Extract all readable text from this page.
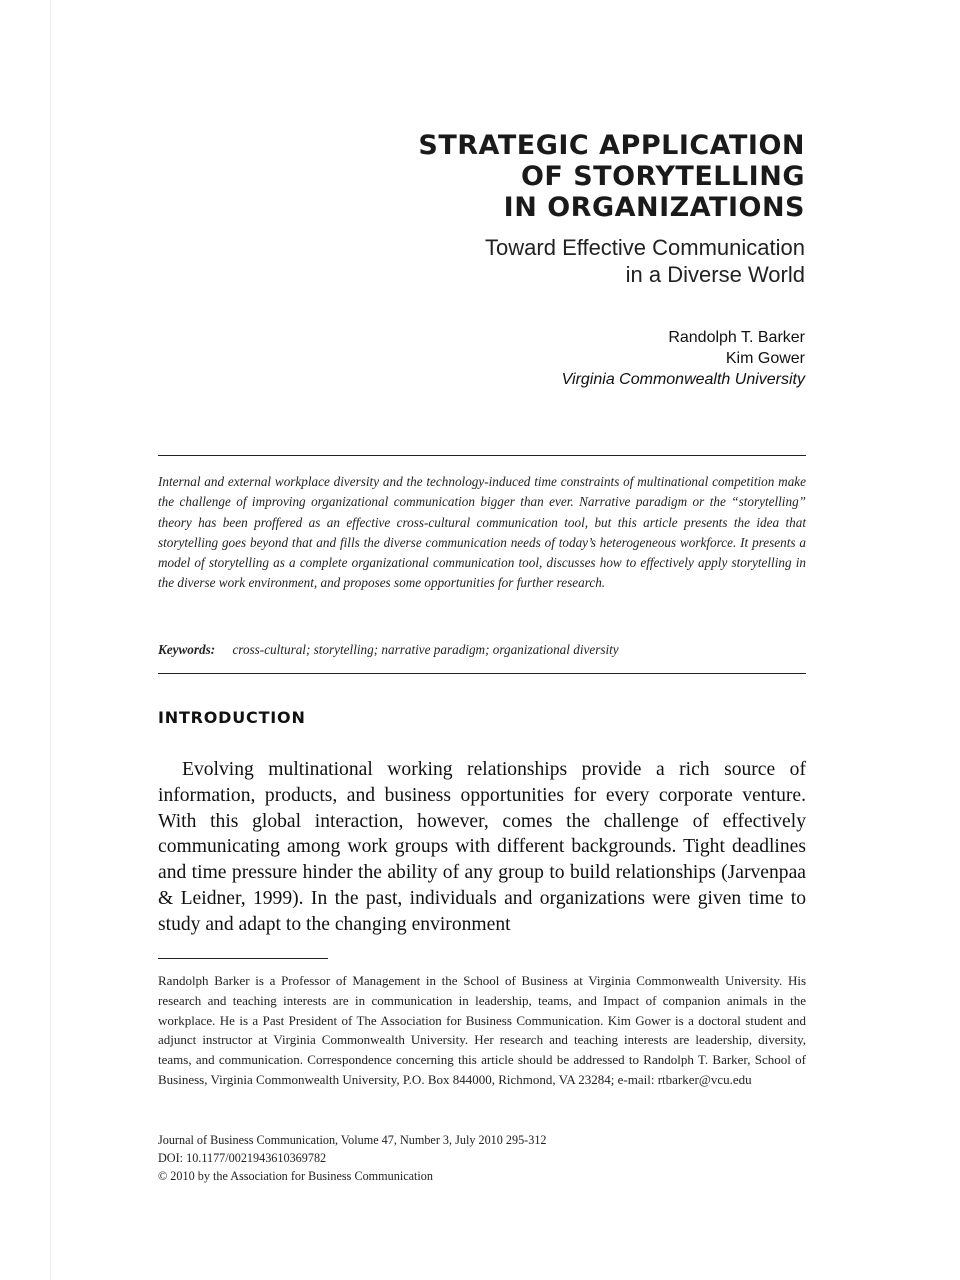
STRATEGIC APPLICATION
OF STORYTELLING
IN ORGANIZATIONS
Toward Effective Communication
in a Diverse World
Randolph T. Barker
Kim Gower
Virginia Commonwealth University
Internal and external workplace diversity and the technology-induced time constraints of multinational competition make the challenge of improving organizational communication bigger than ever. Narrative paradigm or the “storytelling” theory has been proffered as an effective cross-cultural communication tool, but this article presents the idea that storytelling goes beyond that and fills the diverse communication needs of today’s heterogeneous workforce. It presents a model of storytelling as a complete organizational communication tool, discusses how to effectively apply storytelling in the diverse work environment, and proposes some opportunities for further research.
Keywords: cross-cultural; storytelling; narrative paradigm; organizational diversity
INTRODUCTION
Evolving multinational working relationships provide a rich source of information, products, and business opportunities for every corporate venture. With this global interaction, however, comes the challenge of effectively communicating among work groups with different backgrounds. Tight deadlines and time pressure hinder the ability of any group to build relationships (Jarvenpaa & Leidner, 1999). In the past, individuals and organizations were given time to study and adapt to the changing environment
Randolph Barker is a Professor of Management in the School of Business at Virginia Commonwealth University. His research and teaching interests are in communication in leadership, teams, and Impact of companion animals in the workplace. He is a Past President of The Association for Business Communication. Kim Gower is a doctoral student and adjunct instructor at Virginia Commonwealth University. Her research and teaching interests are leadership, diversity, teams, and communication. Correspondence concerning this article should be addressed to Randolph T. Barker, School of Business, Virginia Commonwealth University, P.O. Box 844000, Richmond, VA 23284; e-mail: rtbarker@vcu.edu
Journal of Business Communication, Volume 47, Number 3, July 2010 295-312
DOI: 10.1177/0021943610369782
© 2010 by the Association for Business Communication
